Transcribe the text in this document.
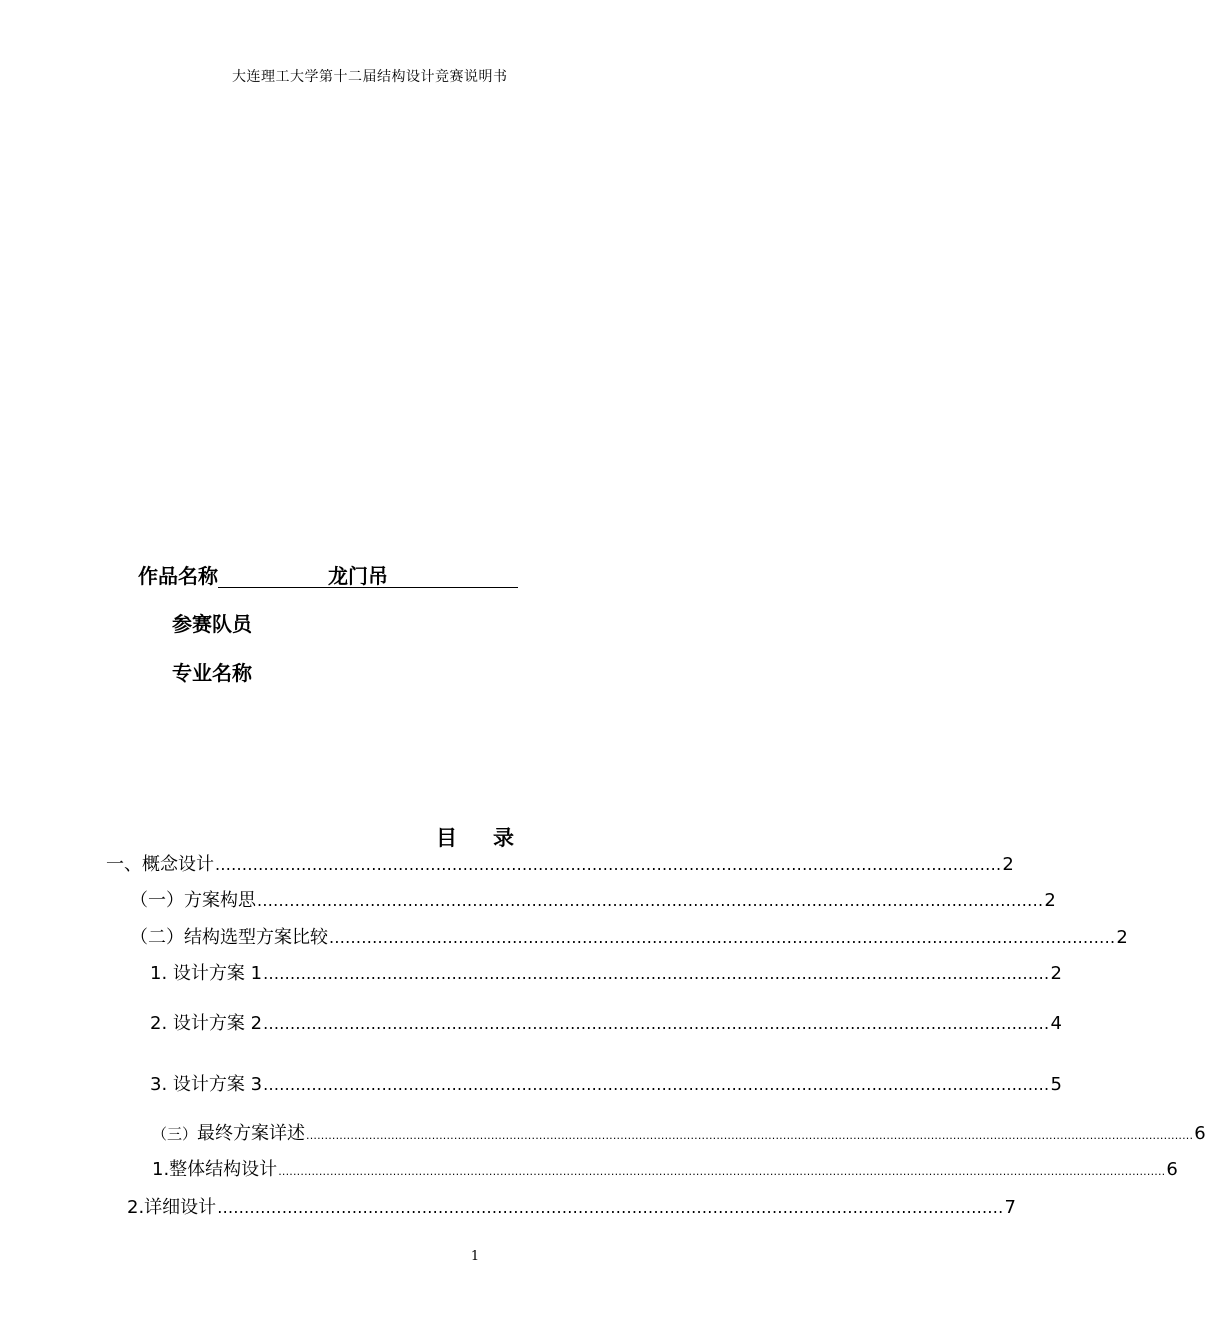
大连理工大学第十二届结构设计竞赛说明书
作品名称	龙门吊
参赛队员
专业名称
目 录
一、概念设计 .................................................................................................................................................. 2
（一）方案构思 .................................................................................................................................................. 2
（二）结构选型方案比较 .................................................................................................................................................. 2
1. 设计方案 1 .................................................................................................................................................. 2
2. 设计方案 2 .................................................................................................................................................. 4
3. 设计方案 3 .................................................................................................................................................. 5
（三）最终方案详述 ................................................................................................................................................................................................................................................ 6
1.整体结构设计 ................................................................................................................................................................................................................................................ 6
2.详细设计 .................................................................................................................................................. 7
1
